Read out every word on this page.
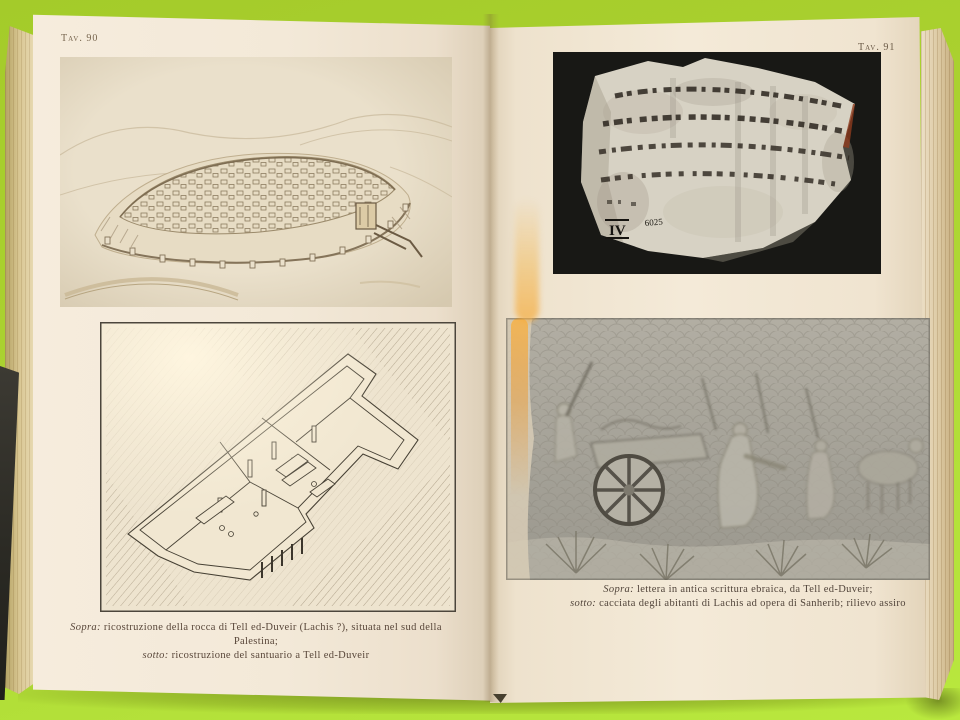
IV
6025
Tav. 90
Tav. 91
Sopra: ricostruzione della rocca di Tell ed-Duveir (Lachis ?), situata nel sud della Palestina;
sotto: ricostruzione del santuario a Tell ed-Duveir
Sopra: lettera in antica scrittura ebraica, da Tell ed-Duveir;
sotto: cacciata degli abitanti di Lachis ad opera di Sanherib; rilievo assiro
